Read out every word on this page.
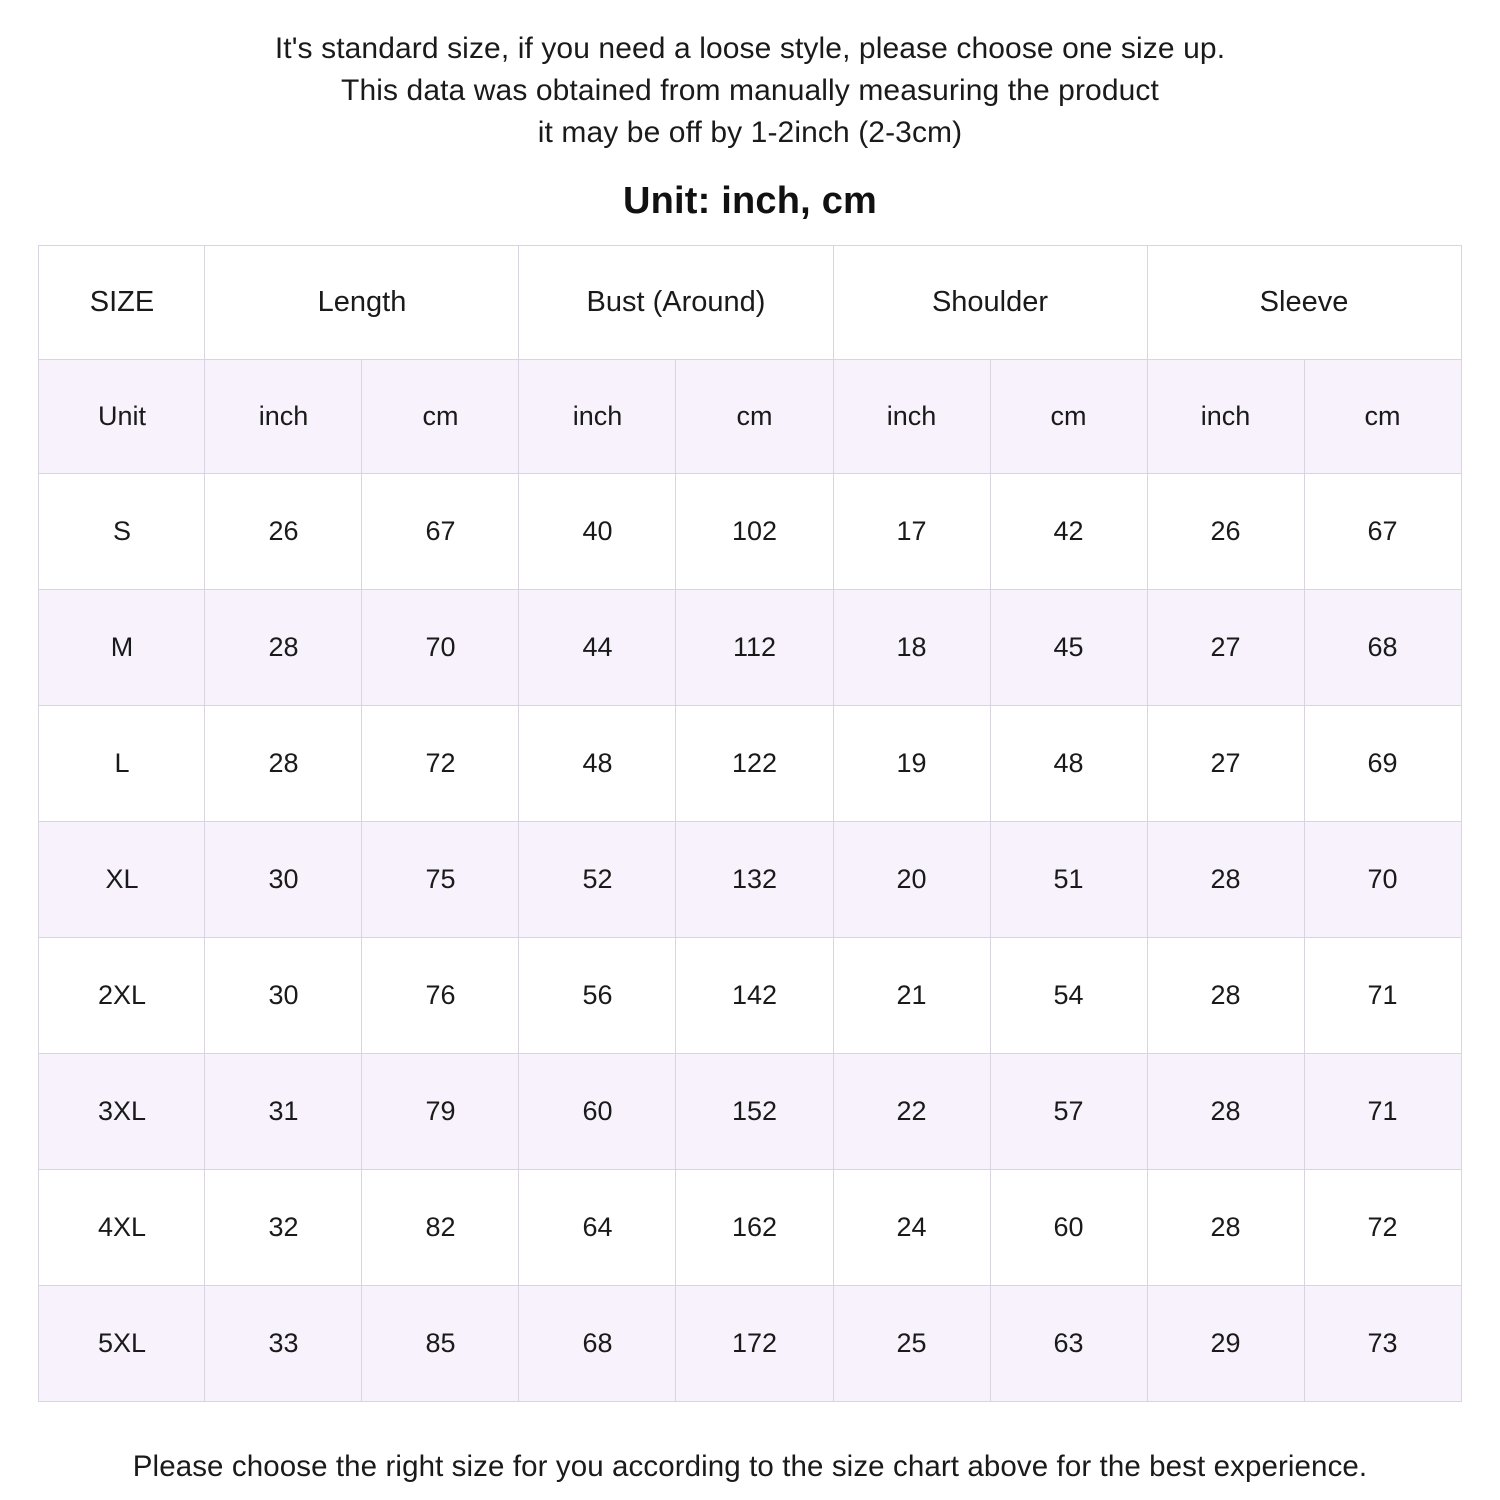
It's standard size, if you need a loose style, please choose one size up.
This data was obtained from manually measuring the product
it may be off by 1-2inch (2-3cm)
Unit: inch, cm
SIZE	Length		Bust (Around)		Shoulder		Sleeve	
Unit	inch	cm	inch	cm	inch	cm	inch	cm
S	26	67	40	102	17	42	26	67
M	28	70	44	112	18	45	27	68
L	28	72	48	122	19	48	27	69
XL	30	75	52	132	20	51	28	70
2XL	30	76	56	142	21	54	28	71
3XL	31	79	60	152	22	57	28	71
4XL	32	82	64	162	24	60	28	72
5XL	33	85	68	172	25	63	29	73
Please choose the right size for you according to the size chart above for the best experience.
